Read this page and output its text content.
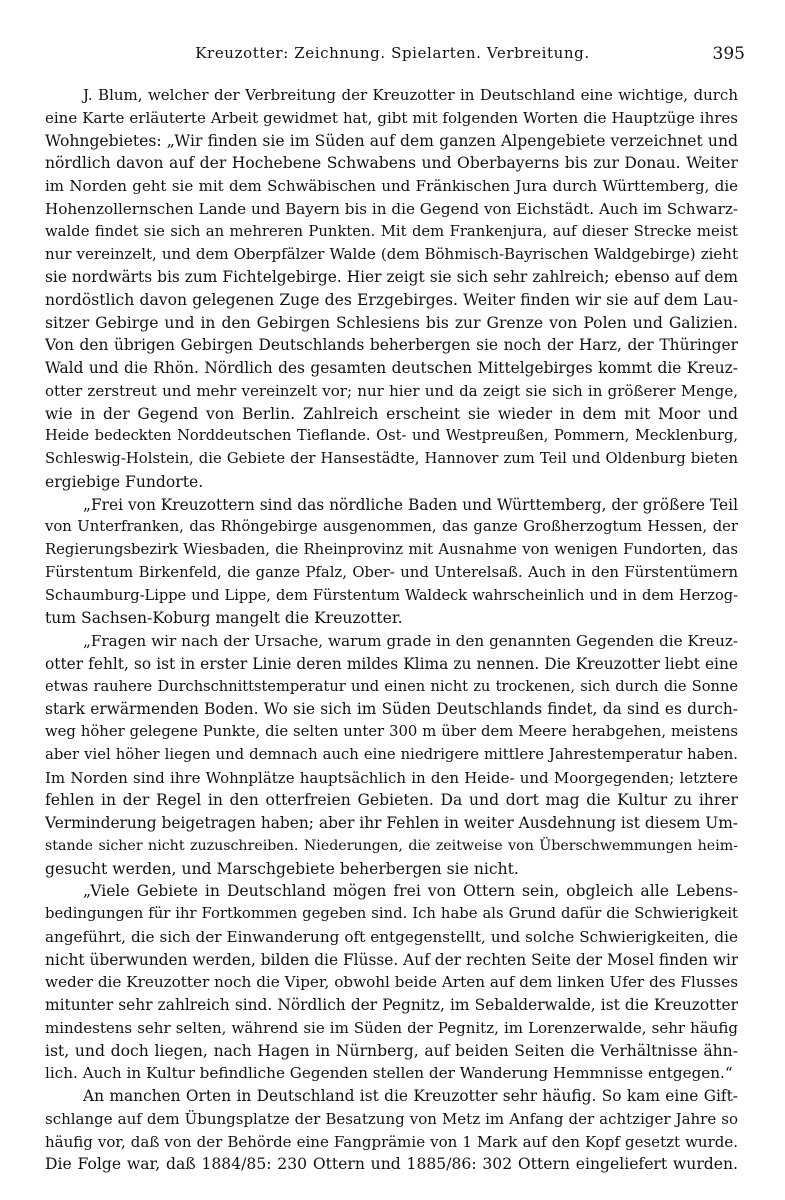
Kreuzotter: Zeichnung. Spielarten. Verbreitung.	395
J. Blum, welcher der Verbreitung der Kreuzotter in Deutschland eine wichtige, durch
eine Karte erläuterte Arbeit gewidmet hat, gibt mit folgenden Worten die Hauptzüge ihres
Wohngebietes: „Wir finden sie im Süden auf dem ganzen Alpengebiete verzeichnet und
nördlich davon auf der Hochebene Schwabens und Oberbayerns bis zur Donau. Weiter
im Norden geht sie mit dem Schwäbischen und Fränkischen Jura durch Württemberg, die
Hohenzollernschen Lande und Bayern bis in die Gegend von Eichstädt. Auch im Schwarz-
walde findet sie sich an mehreren Punkten. Mit dem Frankenjura, auf dieser Strecke meist
nur vereinzelt, und dem Oberpfälzer Walde (dem Böhmisch-Bayrischen Waldgebirge) zieht
sie nordwärts bis zum Fichtelgebirge. Hier zeigt sie sich sehr zahlreich; ebenso auf dem
nordöstlich davon gelegenen Zuge des Erzgebirges. Weiter finden wir sie auf dem Lau-
sitzer Gebirge und in den Gebirgen Schlesiens bis zur Grenze von Polen und Galizien.
Von den übrigen Gebirgen Deutschlands beherbergen sie noch der Harz, der Thüringer
Wald und die Rhön. Nördlich des gesamten deutschen Mittelgebirges kommt die Kreuz-
otter zerstreut und mehr vereinzelt vor; nur hier und da zeigt sie sich in größerer Menge,
wie in der Gegend von Berlin. Zahlreich erscheint sie wieder in dem mit Moor und
Heide bedeckten Norddeutschen Tieflande. Ost- und Westpreußen, Pommern, Mecklenburg,
Schleswig-Holstein, die Gebiete der Hansestädte, Hannover zum Teil und Oldenburg bieten
ergiebige Fundorte.
„Frei von Kreuzottern sind das nördliche Baden und Württemberg, der größere Teil
von Unterfranken, das Rhöngebirge ausgenommen, das ganze Großherzogtum Hessen, der
Regierungsbezirk Wiesbaden, die Rheinprovinz mit Ausnahme von wenigen Fundorten, das
Fürstentum Birkenfeld, die ganze Pfalz, Ober- und Unterelsaß. Auch in den Fürstentümern
Schaumburg-Lippe und Lippe, dem Fürstentum Waldeck wahrscheinlich und in dem Herzog-
tum Sachsen-Koburg mangelt die Kreuzotter.
„Fragen wir nach der Ursache, warum grade in den genannten Gegenden die Kreuz-
otter fehlt, so ist in erster Linie deren mildes Klima zu nennen. Die Kreuzotter liebt eine
etwas rauhere Durchschnittstemperatur und einen nicht zu trockenen, sich durch die Sonne
stark erwärmenden Boden. Wo sie sich im Süden Deutschlands findet, da sind es durch-
weg höher gelegene Punkte, die selten unter 300 m über dem Meere herabgehen, meistens
aber viel höher liegen und demnach auch eine niedrigere mittlere Jahrestemperatur haben.
Im Norden sind ihre Wohnplätze hauptsächlich in den Heide- und Moorgegenden; letztere
fehlen in der Regel in den otterfreien Gebieten. Da und dort mag die Kultur zu ihrer
Verminderung beigetragen haben; aber ihr Fehlen in weiter Ausdehnung ist diesem Um-
stande sicher nicht zuzuschreiben. Niederungen, die zeitweise von Überschwemmungen heim-
gesucht werden, und Marschgebiete beherbergen sie nicht.
„Viele Gebiete in Deutschland mögen frei von Ottern sein, obgleich alle Lebens-
bedingungen für ihr Fortkommen gegeben sind. Ich habe als Grund dafür die Schwierigkeit
angeführt, die sich der Einwanderung oft entgegenstellt, und solche Schwierigkeiten, die
nicht überwunden werden, bilden die Flüsse. Auf der rechten Seite der Mosel finden wir
weder die Kreuzotter noch die Viper, obwohl beide Arten auf dem linken Ufer des Flusses
mitunter sehr zahlreich sind. Nördlich der Pegnitz, im Sebalderwalde, ist die Kreuzotter
mindestens sehr selten, während sie im Süden der Pegnitz, im Lorenzerwalde, sehr häufig
ist, und doch liegen, nach Hagen in Nürnberg, auf beiden Seiten die Verhältnisse ähn-
lich. Auch in Kultur befindliche Gegenden stellen der Wanderung Hemmnisse entgegen.“
An manchen Orten in Deutschland ist die Kreuzotter sehr häufig. So kam eine Gift-
schlange auf dem Übungsplatze der Besatzung von Metz im Anfang der achtziger Jahre so
häufig vor, daß von der Behörde eine Fangprämie von 1 Mark auf den Kopf gesetzt wurde.
Die Folge war, daß 1884/85: 230 Ottern und 1885/86: 302 Ottern eingeliefert wurden.
